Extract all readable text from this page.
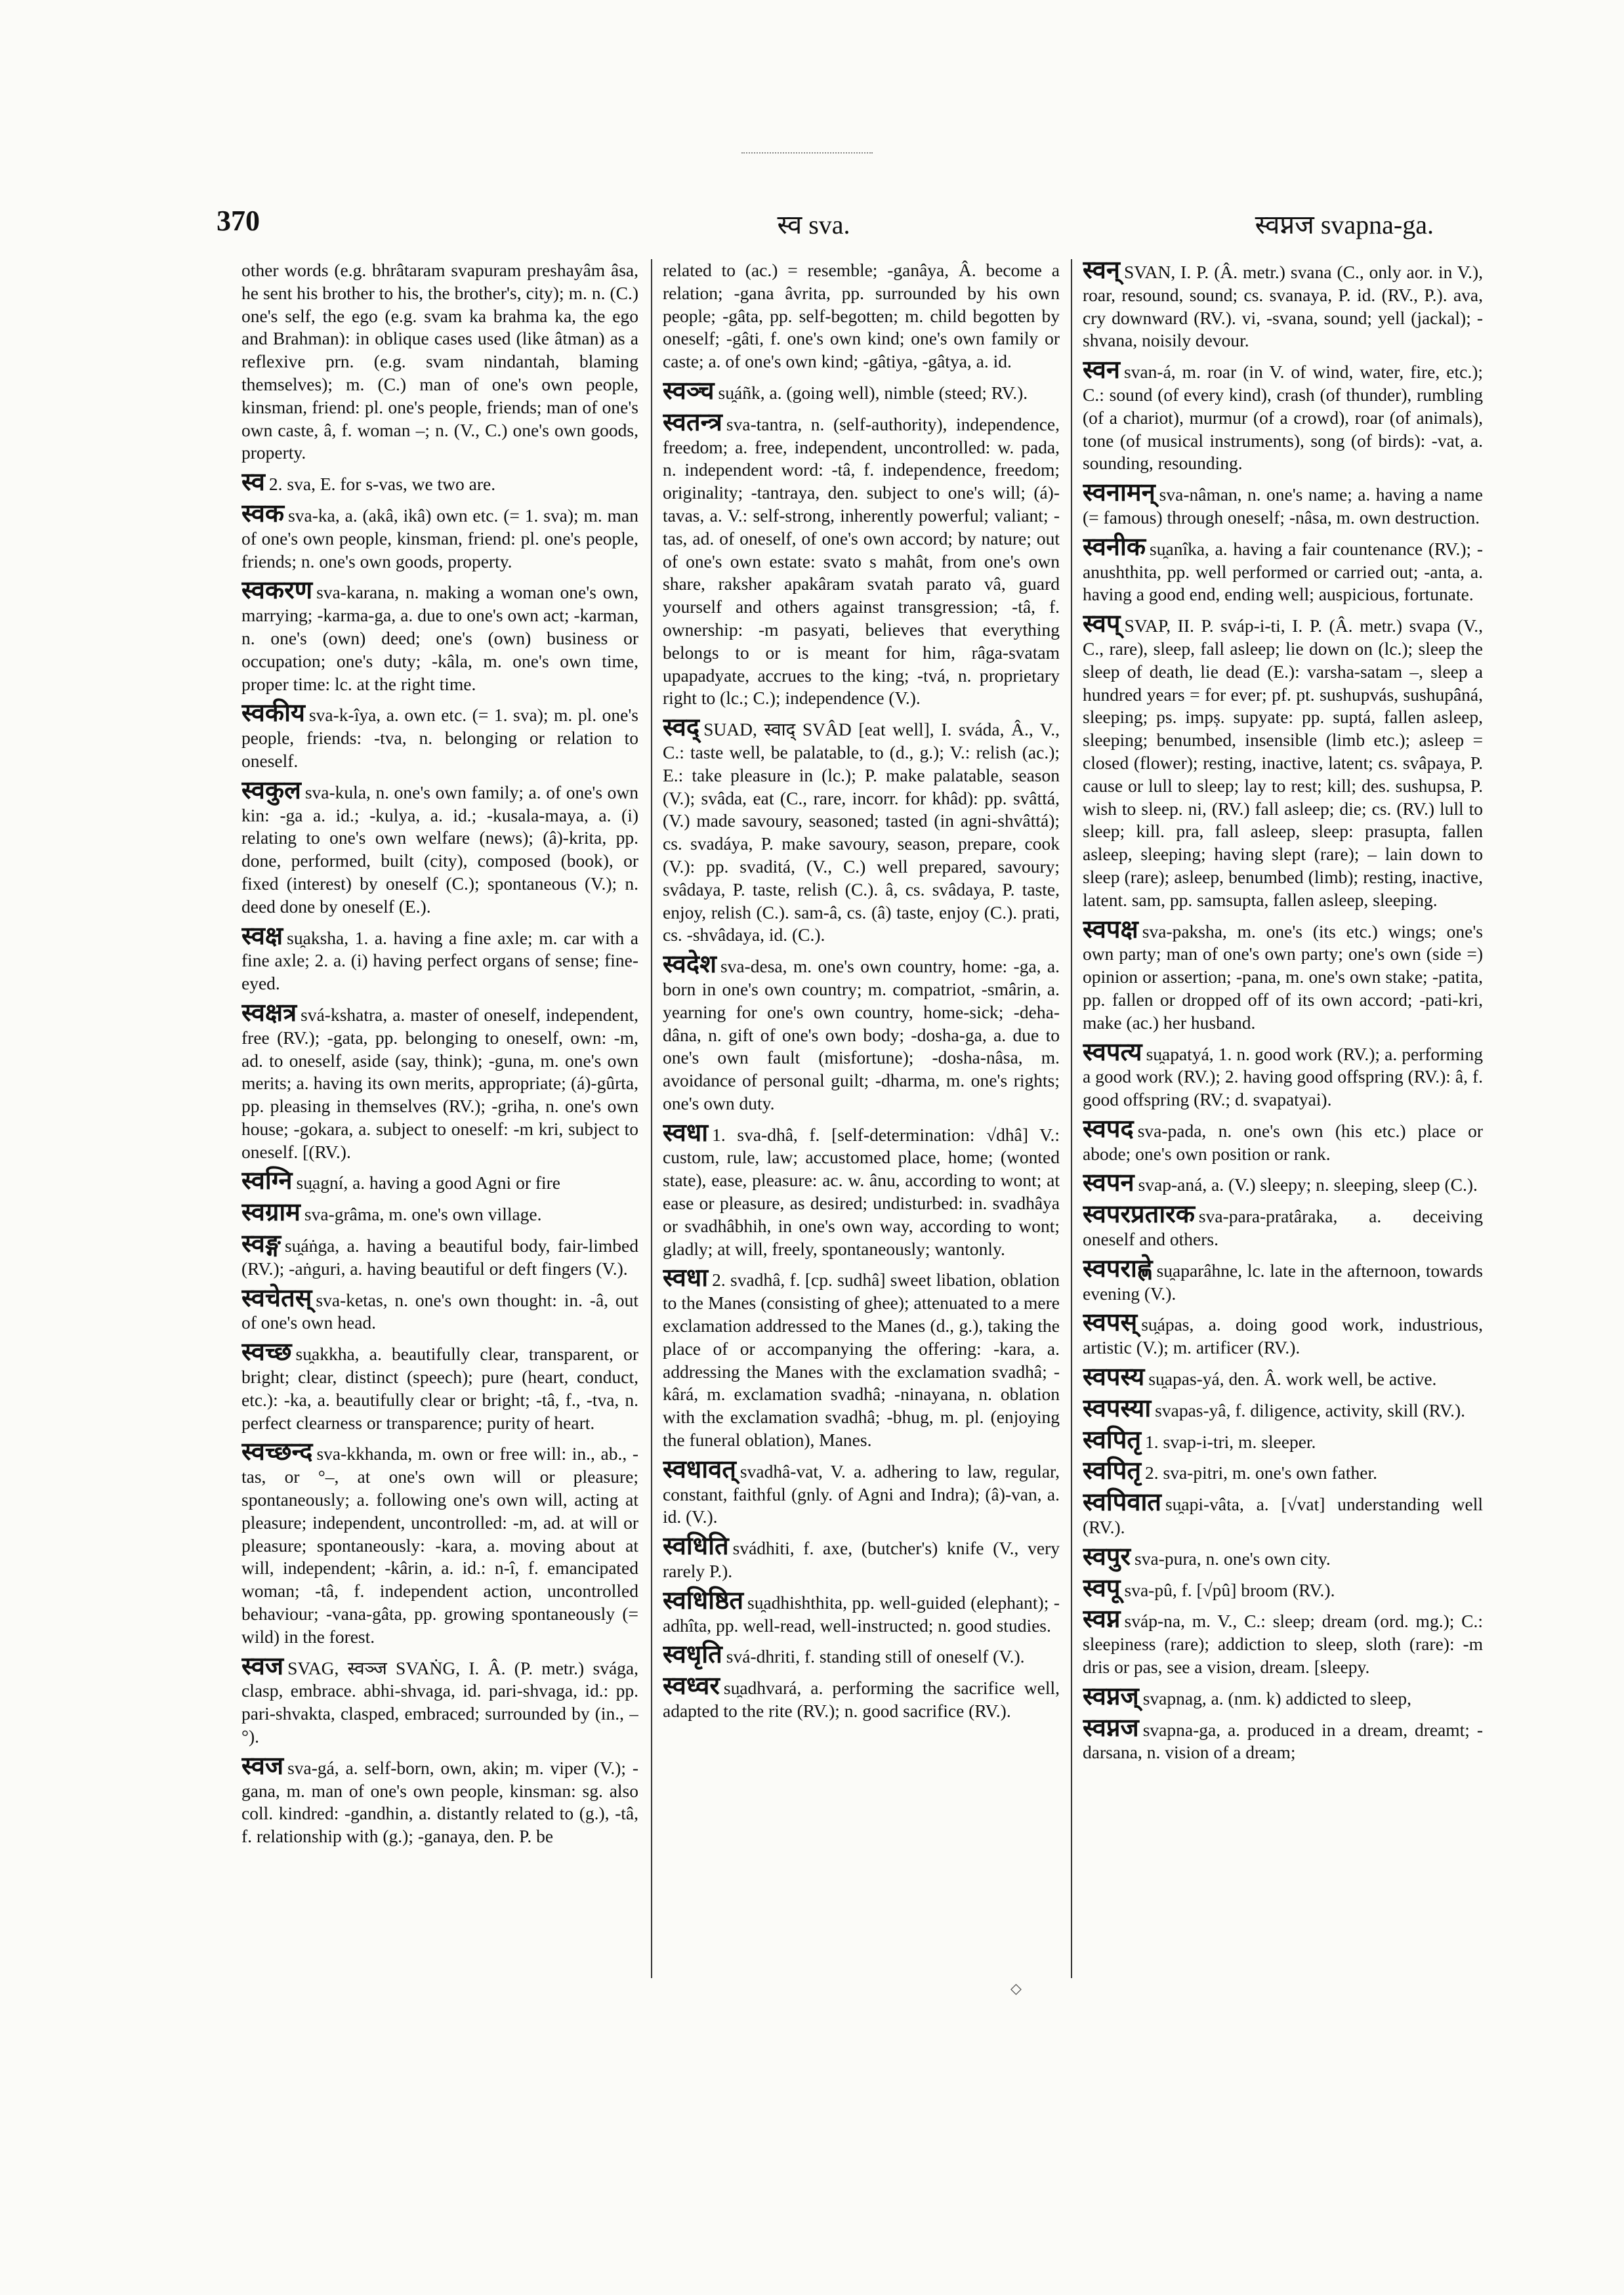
370	स्व sva.	स्वप्नज svapna-ga.
other words (e.g. bhrâtaram svapuram preshayâm âsa, he sent his brother to his, the brother's, city); m. n. (C.) one's self, the ego (e.g. svam ka brahma ka, the ego and Brahman): in oblique cases used (like âtman) as a reflexive prn. (e.g. svam nindantah, blaming themselves); m. (C.) man of one's own people, kinsman, friend: pl. one's people, friends; man of one's own caste, â, f. woman –; n. (V., C.) one's own goods, property.
स्व 2. sva, E. for s-vas, we two are.
स्वक sva-ka, a. (akâ, ikâ) own etc. (= 1. sva); m. man of one's own people, kinsman, friend: pl. one's people, friends; n. one's own goods, property.
स्वकरण sva-karana, n. making a woman one's own, marrying; -karma-ga, a. due to one's own act; -karman, n. one's (own) deed; one's (own) business or occupation; one's duty; -kâla, m. one's own time, proper time: lc. at the right time.
स्वकीय sva-k-îya, a. own etc. (= 1. sva); m. pl. one's people, friends: -tva, n. belonging or relation to oneself.
स्वकुल sva-kula, n. one's own family; a. of one's own kin: -ga a. id.; -kulya, a. id.; -kusala-maya, a. (i) relating to one's own welfare (news); (â)-krita, pp. done, performed, built (city), composed (book), or fixed (interest) by oneself (C.); spontaneous (V.); n. deed done by oneself (E.).
स्वक्ष su̯aksha, 1. a. having a fine axle; m. car with a fine axle; 2. a. (i) having perfect organs of sense; fine-eyed.
स्वक्षत्र svá-kshatra, a. master of oneself, independent, free (RV.); -gata, pp. belonging to oneself, own: -m, ad. to oneself, aside (say, think); -guna, m. one's own merits; a. having its own merits, appropriate; (á)-gûrta, pp. pleasing in themselves (RV.); -griha, n. one's own house; -gokara, a. subject to oneself: -m kri, subject to oneself. [(RV.).
स्वग्नि su̯agní, a. having a good Agni or fire
स्वग्राम sva-grâma, m. one's own village.
स्वङ्ग su̯áṅga, a. having a beautiful body, fair-limbed (RV.); -aṅguri, a. having beautiful or deft fingers (V.).
स्वचेतस् sva-ketas, n. one's own thought: in. -â, out of one's own head.
स्वच्छ su̯akkha, a. beautifully clear, transparent, or bright; clear, distinct (speech); pure (heart, conduct, etc.): -ka, a. beautifully clear or bright; -tâ, f., -tva, n. perfect clearness or transparence; purity of heart.
स्वच्छन्द sva-kkhanda, m. own or free will: in., ab., -tas, or °–, at one's own will or pleasure; spontaneously; a. following one's own will, acting at pleasure; independent, uncontrolled: -m, ad. at will or pleasure; spontaneously: -kara, a. moving about at will, independent; -kârin, a. id.: n-î, f. emancipated woman; -tâ, f. independent action, uncontrolled behaviour; -vana-gâta, pp. growing spontaneously (= wild) in the forest.
स्वज SVAG, स्वञ्ज SVAṄG, I. Â. (P. metr.) svága, clasp, embrace. abhi-shvaga, id. pari-shvaga, id.: pp. pari-shvakta, clasped, embraced; surrounded by (in., –°).
स्वज sva-gá, a. self-born, own, akin; m. viper (V.); -gana, m. man of one's own people, kinsman: sg. also coll. kindred: -gandhin, a. distantly related to (g.), -tâ, f. relationship with (g.); -ganaya, den. P. be
related to (ac.) = resemble; -ganâya, Â. become a relation; -gana âvrita, pp. surrounded by his own people; -gâta, pp. self-begotten; m. child begotten by oneself; -gâti, f. one's own kind; one's own family or caste; a. of one's own kind; -gâtiya, -gâtya, a. id.
स्वञ्च su̯áñk, a. (going well), nimble (steed; RV.).
स्वतन्त्र sva-tantra, n. (self-authority), independence, freedom; a. free, independent, uncontrolled: w. pada, n. independent word: -tâ, f. independence, freedom; originality; -tantraya, den. subject to one's will; (á)-tavas, a. V.: self-strong, inherently powerful; valiant; -tas, ad. of oneself, of one's own accord; by nature; out of one's own estate: svato s mahât, from one's own share, raksher apakâram svatah parato vâ, guard yourself and others against transgression; -tâ, f. ownership: -m pasyati, believes that everything belongs to or is meant for him, râga-svatam upapadyate, accrues to the king; -tvá, n. proprietary right to (lc.; C.); independence (V.).
स्वद् SUAD, स्वाद् SVÂD [eat well], I. sváda, Â., V., C.: taste well, be palatable, to (d., g.); V.: relish (ac.); E.: take pleasure in (lc.); P. make palatable, season (V.); svâda, eat (C., rare, incorr. for khâd): pp. svâttá, (V.) made savoury, seasoned; tasted (in agni-shvâttá); cs. svadáya, P. make savoury, season, prepare, cook (V.): pp. svaditá, (V., C.) well prepared, savoury; svâdaya, P. taste, relish (C.). â, cs. svâdaya, P. taste, enjoy, relish (C.). sam-â, cs. (â) taste, enjoy (C.). prati, cs. -shvâdaya, id. (C.).
स्वदेश sva-desa, m. one's own country, home: -ga, a. born in one's own country; m. compatriot, -smârin, a. yearning for one's own country, home-sick; -deha-dâna, n. gift of one's own body; -dosha-ga, a. due to one's own fault (misfortune); -dosha-nâsa, m. avoidance of personal guilt; -dharma, m. one's rights; one's own duty.
स्वधा 1. sva-dhâ, f. [self-determination: √dhâ] V.: custom, rule, law; accustomed place, home; (wonted state), ease, pleasure: ac. w. ânu, according to wont; at ease or pleasure, as desired; undisturbed: in. svadhâya or svadhâbhih, in one's own way, according to wont; gladly; at will, freely, spontaneously; wantonly.
स्वधा 2. svadhâ, f. [cp. sudhâ] sweet libation, oblation to the Manes (consisting of ghee); attenuated to a mere exclamation addressed to the Manes (d., g.), taking the place of or accompanying the offering: -kara, a. addressing the Manes with the exclamation svadhâ; -kârá, m. exclamation svadhâ; -ninayana, n. oblation with the exclamation svadhâ; -bhug, m. pl. (enjoying the funeral oblation), Manes.
स्वधावत् svadhâ-vat, V. a. adhering to law, regular, constant, faithful (gnly. of Agni and Indra); (â)-van, a. id. (V.).
स्वधिति svádhiti, f. axe, (butcher's) knife (V., very rarely P.).
स्वधिष्ठित su̯adhishthita, pp. well-guided (elephant); -adhîta, pp. well-read, well-instructed; n. good studies.
स्वधृति svá-dhriti, f. standing still of oneself (V.).
स्वध्वर su̯adhvará, a. performing the sacrifice well, adapted to the rite (RV.); n. good sacrifice (RV.).
स्वन् SVAN, I. P. (Â. metr.) svana (C., only aor. in V.), roar, resound, sound; cs. svanaya, P. id. (RV., P.). ava, cry downward (RV.). vi, -svana, sound; yell (jackal); -shvana, noisily devour.
स्वन svan-á, m. roar (in V. of wind, water, fire, etc.); C.: sound (of every kind), crash (of thunder), rumbling (of a chariot), murmur (of a crowd), roar (of animals), tone (of musical instruments), song (of birds): -vat, a. sounding, resounding.
स्वनामन् sva-nâman, n. one's name; a. having a name (= famous) through oneself; -nâsa, m. own destruction.
स्वनीक su̯anîka, a. having a fair countenance (RV.); -anushthita, pp. well performed or carried out; -anta, a. having a good end, ending well; auspicious, fortunate.
स्वप् SVAP, II. P. sváp-i-ti, I. P. (Â. metr.) svapa (V., C., rare), sleep, fall asleep; lie down on (lc.); sleep the sleep of death, lie dead (E.): varsha-satam –, sleep a hundred years = for ever; pf. pt. sushupvás, sushupâná, sleeping; ps. impș. supyate: pp. suptá, fallen asleep, sleeping; benumbed, insensible (limb etc.); asleep = closed (flower); resting, inactive, latent; cs. svâpaya, P. cause or lull to sleep; lay to rest; kill; des. sushupsa, P. wish to sleep. ni, (RV.) fall asleep; die; cs. (RV.) lull to sleep; kill. pra, fall asleep, sleep: prasupta, fallen asleep, sleeping; having slept (rare); – lain down to sleep (rare); asleep, benumbed (limb); resting, inactive, latent. sam, pp. samsupta, fallen asleep, sleeping.
स्वपक्ष sva-paksha, m. one's (its etc.) wings; one's own party; man of one's own party; one's own (side =) opinion or assertion; -pana, m. one's own stake; -patita, pp. fallen or dropped off of its own accord; -pati-kri, make (ac.) her husband.
स्वपत्य su̯apatyá, 1. n. good work (RV.); a. performing a good work (RV.); 2. having good offspring (RV.): â, f. good offspring (RV.; d. svapatyai).
स्वपद sva-pada, n. one's own (his etc.) place or abode; one's own position or rank.
स्वपन svap-aná, a. (V.) sleepy; n. sleeping, sleep (C.).
स्वपरप्रतारक sva-para-pratâraka, a. deceiving oneself and others.
स्वपराह्णे su̯aparâhne, lc. late in the afternoon, towards evening (V.).
स्वपस् su̯ápas, a. doing good work, industrious, artistic (V.); m. artificer (RV.).
स्वपस्य su̯apas-yá, den. Â. work well, be active.
स्वपस्या svapas-yâ, f. diligence, activity, skill (RV.).
स्वपितृ 1. svap-i-tri, m. sleeper.
स्वपितृ 2. sva-pitri, m. one's own father.
स्वपिवात su̯api-vâta, a. [√vat] understanding well (RV.).
स्वपुर sva-pura, n. one's own city.
स्वपू sva-pû, f. [√pû] broom (RV.).
स्वप्न sváp-na, m. V., C.: sleep; dream (ord. mg.); C.: sleepiness (rare); addiction to sleep, sloth (rare): -m dris or pas, see a vision, dream. [sleepy.
स्वप्नज् svapnag, a. (nm. k) addicted to sleep,
स्वप्नज svapna-ga, a. produced in a dream, dreamt; -darsana, n. vision of a dream;
◇
